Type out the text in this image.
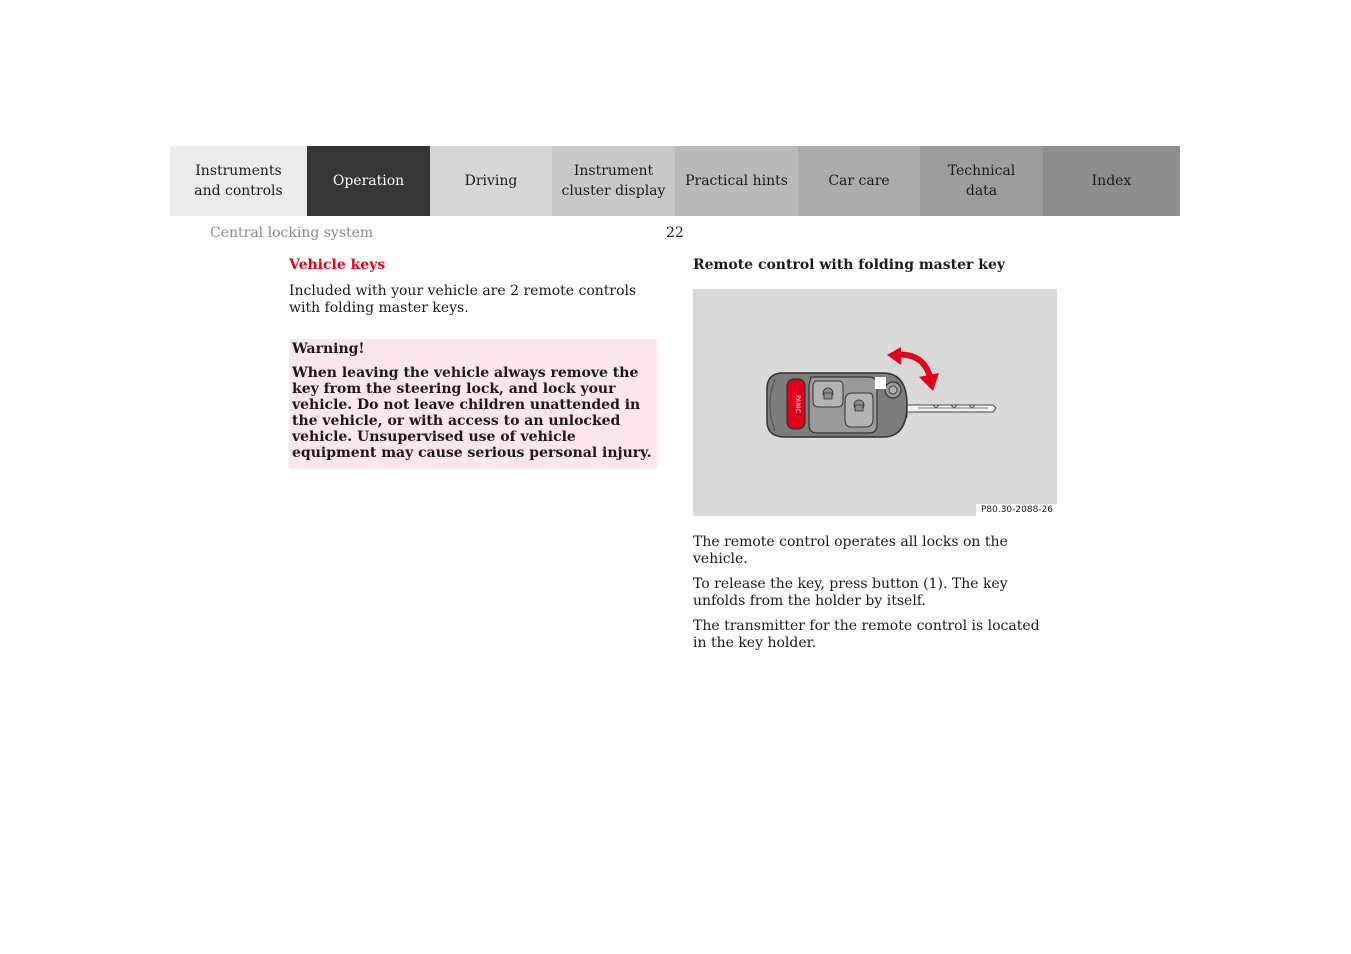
Instruments
and controls
Operation	Driving
Instrument
cluster display
Practical hints	Car care
Technical
data
Index
Central locking system	22
Vehicle keys

Included with your vehicle are 2 remote controls with folding master keys.

Warning!

When leaving the vehicle always remove the key from the steering lock, and lock your vehicle. Do not leave children unattended in the vehicle, or with access to an unlocked vehicle. Unsupervised use of vehicle equipment may cause serious personal injury.

Remote control with folding master key
PANIC
P80.30-2088-26

The remote control operates all locks on the vehicle.

To release the key, press button (1). The key unfolds from the holder by itself.

The transmitter for the remote control is located in the key holder.
